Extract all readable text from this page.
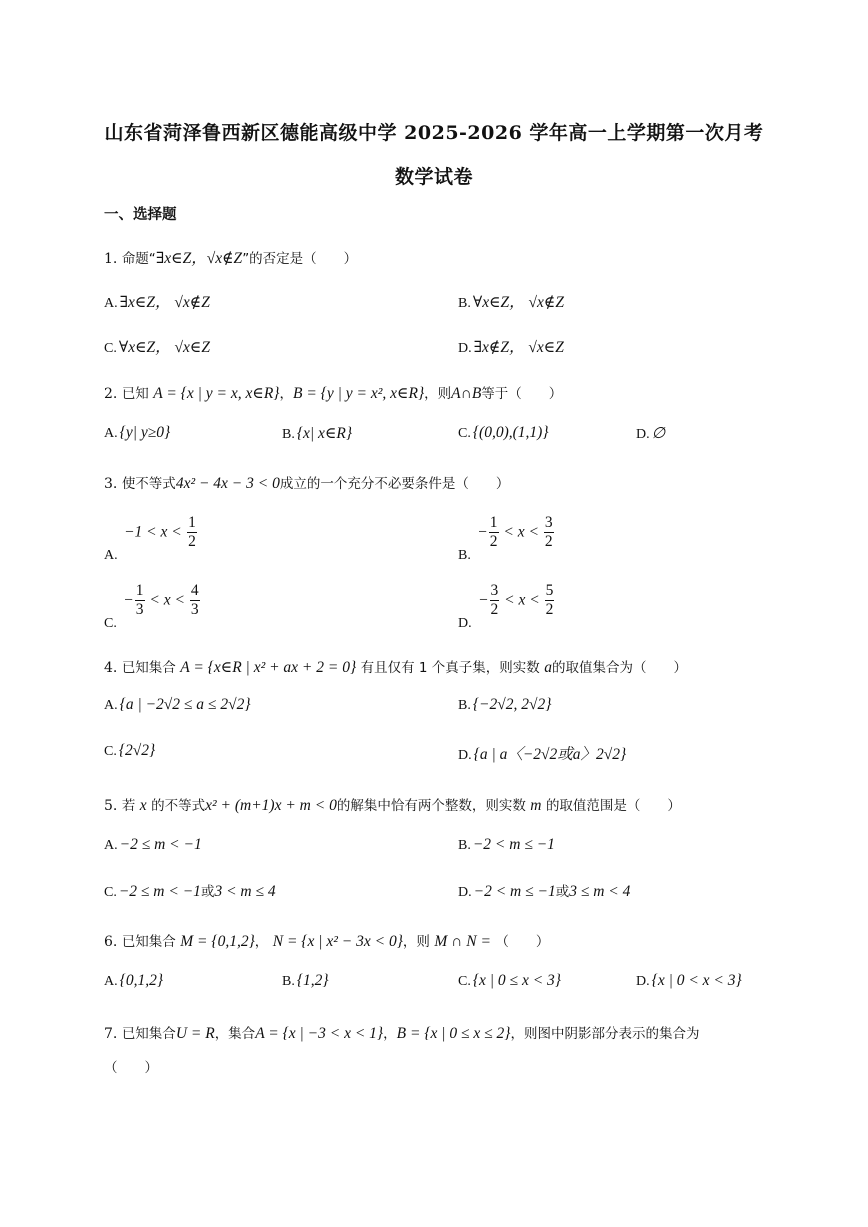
山东省菏泽鲁西新区德能高级中学 2025-2026 学年高一上学期第一次月考
数学试卷
一、选择题
1. 命题“∃x∈Z，√x∉Z”的否定是（　　）
A. ∃x∈Z， √x∉Z	B. ∀x∈Z， √x∉Z
C. ∀x∈Z， √x∈Z	D. ∃x∉Z， √x∈Z
2. 已知 A = {x | y = x, x∈R}，B = {y | y = x², x∈R}，则A∩B等于（　　）
A. {y| y≥0}	B. {x| x∈R}	C. {(0,0),(1,1)}	D. ∅
3. 使不等式4x² − 4x − 3 < 0成立的一个充分不必要条件是（　　）
A. $-1 < x < \frac{1}{2}$
B. − $\frac{1}{2} < x < \frac{3}{2}$
C. − $\frac{1}{3} < x < \frac{4}{3}$
D. − $\frac{3}{2} < x < \frac{5}{2}$
4. 已知集合 A = {x∈R | x² + ax + 2 = 0} 有且仅有 1 个真子集，则实数 a的取值集合为（　　）
A. {a | −2√2 ≤ a ≤ 2√2}	B. {−2√2, 2√2}
C. {2√2}	D. {a | a〈−2√2或a〉2√2}
5. 若 x 的不等式x² + (m+1)x + m < 0的解集中恰有两个整数，则实数 m 的取值范围是（　　）
A. −2 ≤ m < −1	B. −2 < m ≤ −1
C. −2 ≤ m < −1或3 < m ≤ 4	D. −2 < m ≤ −1或3 ≤ m < 4
6. 已知集合 M = {0,1,2}， N = {x | x² − 3x < 0}，则 M ∩ N = （　　）
A. {0,1,2}	B. {1,2}	C. {x | 0 ≤ x < 3}	D. {x | 0 < x < 3}
7. 已知集合U = R，集合A = {x | −3 < x < 1}，B = {x | 0 ≤ x ≤ 2}，则图中阴影部分表示的集合为
（　　）
